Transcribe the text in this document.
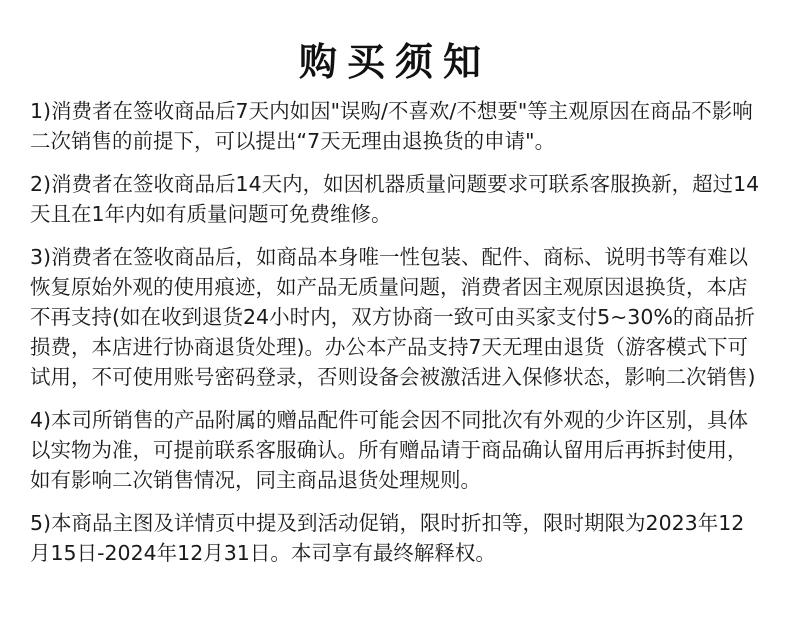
购买须知

1)消费者在签收商品后7天内如因"误购/不喜欢/不想要"等主观原因在商品不影响二次销售的前提下，可以提出“7天无理由退换货的申请"。

2)消费者在签收商品后14天内，如因机器质量问题要求可联系客服换新，超过14天且在1年内如有质量问题可免费维修。

3)消费者在签收商品后，如商品本身唯一性包装、配件、商标、说明书等有难以恢复原始外观的使用痕迹，如产品无质量问题，消费者因主观原因退换货，本店不再支持(如在收到退货24小时内，双方协商一致可由买家支付5~30%的商品折损费，本店进行协商退货处理)。办公本产品支持7天无理由退货（游客模式下可试用，不可使用账号密码登录，否则设备会被激活进入保修状态，影响二次销售)

4)本司所销售的产品附属的赠品配件可能会因不同批次有外观的少许区别，具体以实物为准，可提前联系客服确认。所有赠品请于商品确认留用后再拆封使用，如有影响二次销售情况，同主商品退货处理规则。

5)本商品主图及详情页中提及到活动促销，限时折扣等，限时期限为2023年12月15日-2024年12月31日。本司享有最终解释权。
